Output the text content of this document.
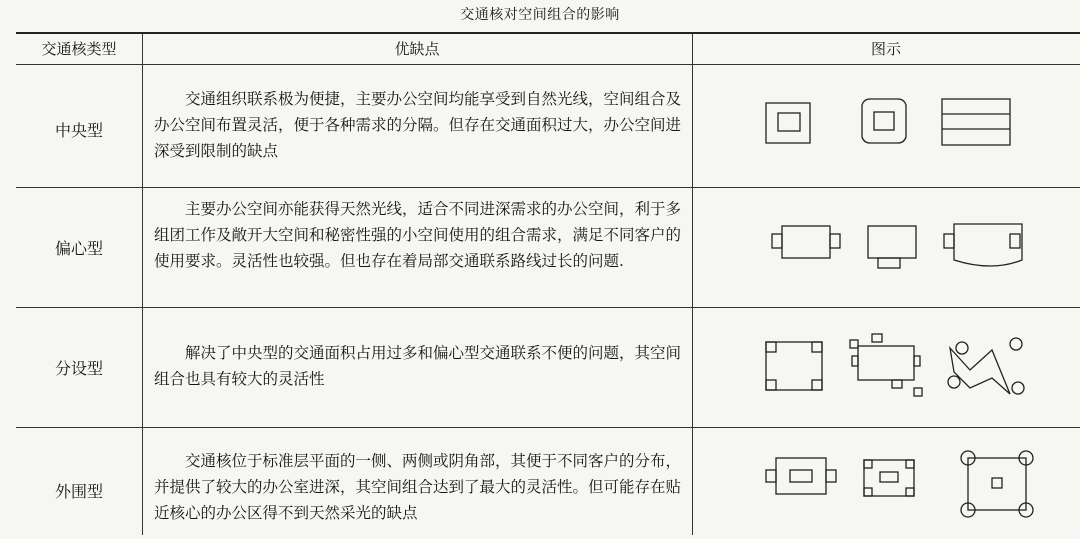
交通核对空间组合的影响
交通核类型	优缺点	图示
中央型
交通组织联系极为便捷，主要办公空间均能享受到自然光线，空间组合及办公空间布置灵活，便于各种需求的分隔。但存在交通面积过大，办公空间进深受到限制的缺点
偏心型
主要办公空间亦能获得天然光线，适合不同进深需求的办公空间，利于多组团工作及敞开大空间和秘密性强的小空间使用的组合需求，满足不同客户的使用要求。灵活性也较强。但也存在着局部交通联系路线过长的问题.
分设型
解决了中央型的交通面积占用过多和偏心型交通联系不便的问题，其空间组合也具有较大的灵活性
外围型
交通核位于标准层平面的一侧、两侧或阴角部，其便于不同客户的分布，并提供了较大的办公室进深，其空间组合达到了最大的灵活性。但可能存在贴近核心的办公区得不到天然采光的缺点
